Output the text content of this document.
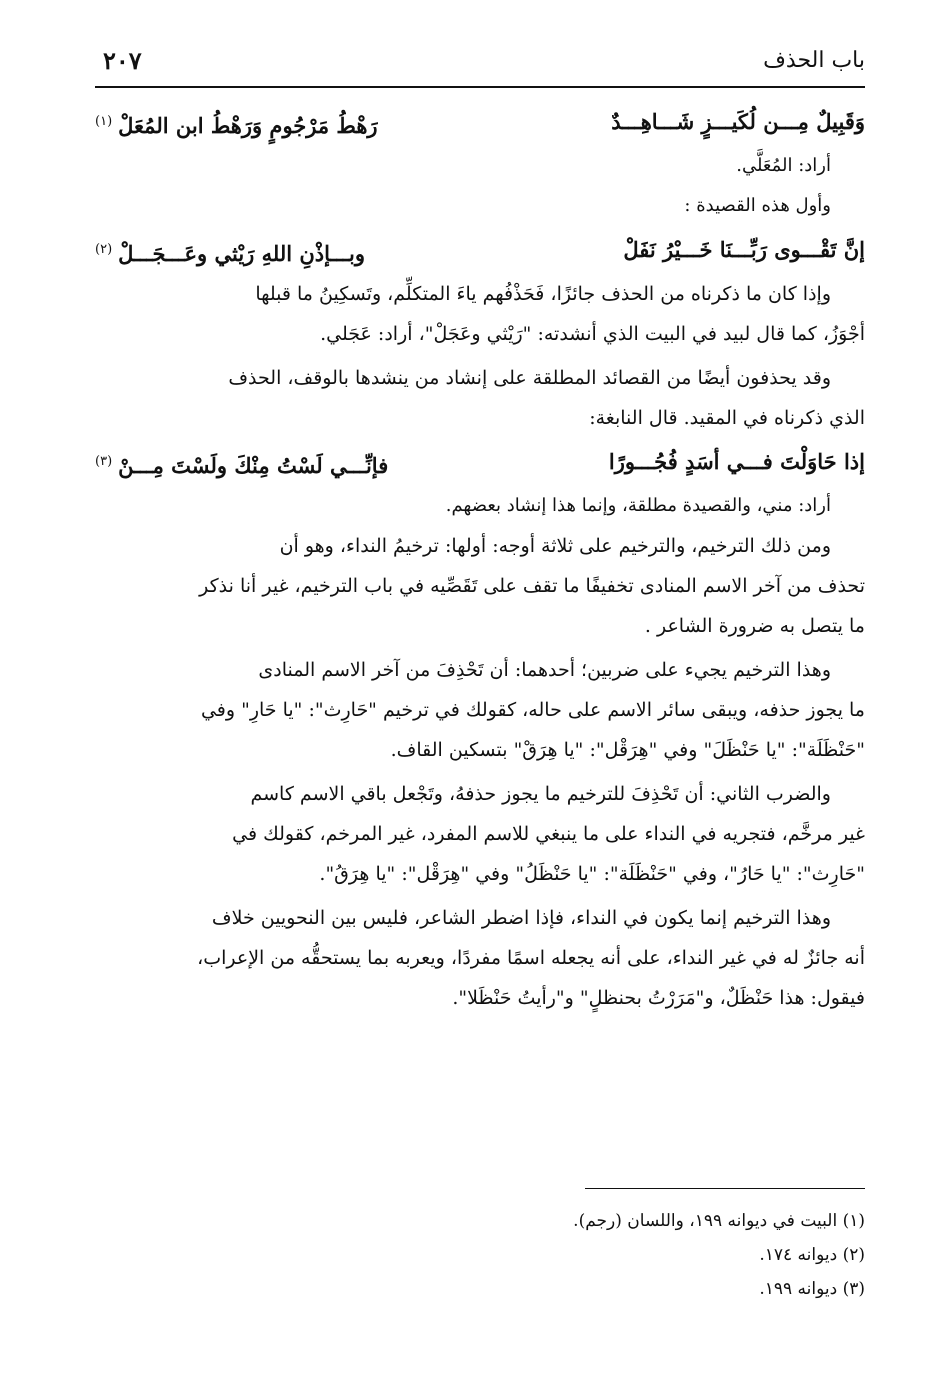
٢٠٧	باب الحذف
وَقَبِيلٌ مِـــن لُكَيـــزٍ شَـــاهِـــدٌ
رَهْطُ مَرْجُومٍ وَرَهْطُ ابن المُعَلْ$^{(١)}$
أراد: المُعَلَّي.
وأول هذه القصيدة :
إنَّ تَقْـــوى رَبِّـــنَا خَـــيْرُ نَفَلْ
وبـــإذْنِ اللهِ رَيْثي وعَـــجَـــلْ$^{(٢)}$
وإذا كان ما ذكرناه من الحذف جائزًا، فَحَذْفُهم ياءَ المتكلِّم، وتَسكِينُ ما قبلها
أجْوَزُ، كما قال لبيد في البيت الذي أنشدته: "رَيْثي وعَجَلْ"، أراد: عَجَلي.
وقد يحذفون أيضًا من القصائد المطلقة على إنشاد من ينشدها بالوقف، الحذف
الذي ذكرناه في المقيد. قال النابغة:
إذا حَاوَلْتَ فـــي أسَدٍ فُجُـــورًا
فإنِّـــي لَسْتُ مِنْكَ ولَسْتَ مِـــنْ$^{(٣)}$
أراد: مني، والقصيدة مطلقة، وإنما هذا إنشاد بعضهم.
ومن ذلك الترخيم، والترخيم على ثلاثة أوجه: أولها: ترخيمُ النداء، وهو أن
تحذف من آخر الاسم المنادى تخفيفًا ما تقف على تَقَصِّيه في باب الترخيم، غير أنا نذكر
ما يتصل به ضرورة الشاعر .
وهذا الترخيم يجيء على ضربين؛ أحدهما: أن تَحْذِفَ من آخر الاسم المنادى
ما يجوز حذفه، ويبقى سائر الاسم على حاله، كقولك في ترخيم "حَارِث": "يا حَارِ" وفي
"حَنْظَلَة": "يا حَنْظَلَ" وفي "هِرَقْل": "يا هِرَقْ" بتسكين القاف.
والضرب الثاني: أن تَحْذِفَ للترخيم ما يجوز حذفهُ، وتَجْعل باقي الاسم كاسم
غير مرخَّم، فتجريه في النداء على ما ينبغي للاسم المفرد، غير المرخم، كقولك في
"حَارِث": "يا حَارُ"، وفي "حَنْظَلَة": "يا حَنْظَلُ" وفي "هِرَقْل": "يا هِرَقُ".
وهذا الترخيم إنما يكون في النداء، فإذا اضطر الشاعر، فليس بين النحويين خلاف
أنه جائزٌ له في غير النداء، على أنه يجعله اسمًا مفردًا، ويعربه بما يستحقُّه من الإعراب،
فيقول: هذا حَنْظَلٌ، و"مَرَرْتُ بحنظلٍ" و"رأيتُ حَنْظَلا".
(١) البيت في ديوانه ١٩٩، واللسان (رجم).
(٢) ديوانه ١٧٤.
(٣) ديوانه ١٩٩.
